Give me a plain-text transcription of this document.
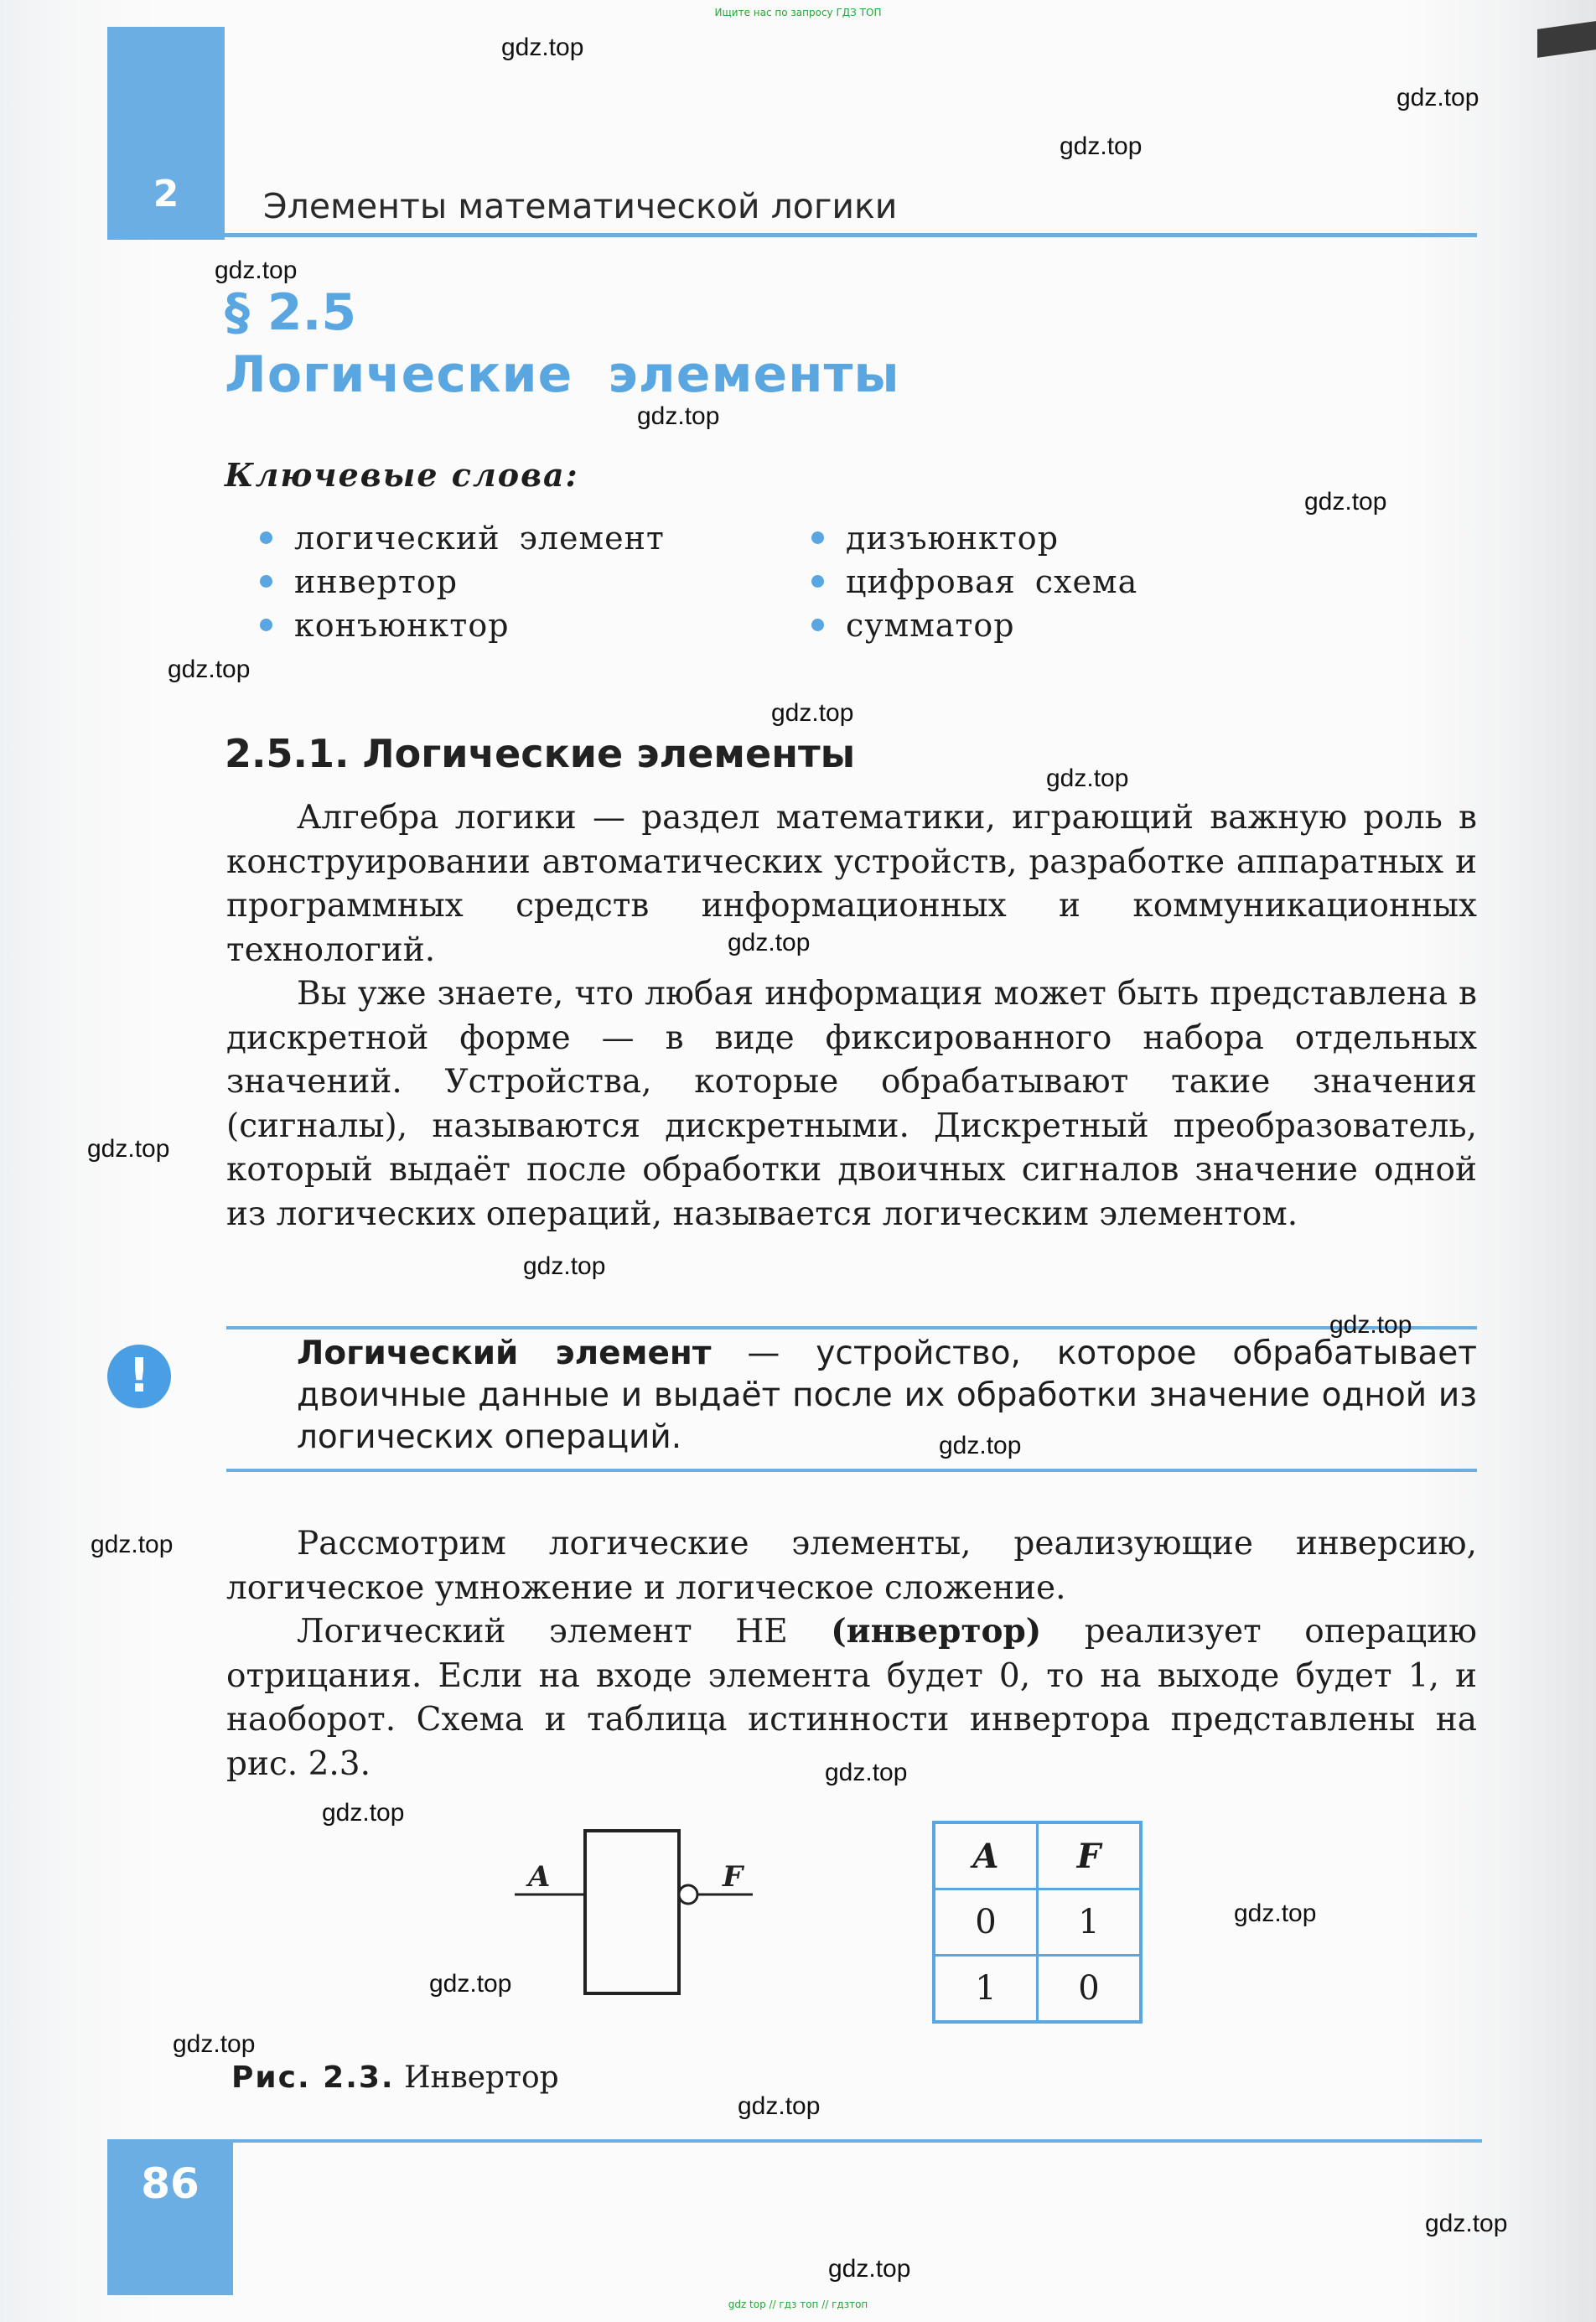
Ищите нас по запросу ГДЗ ТОП
2	Элементы математической логики
§ 2.5
Логические элементы
Ключевые слова:
логический элемент
инвертор
конъюнктор
дизъюнктор
цифровая схема
сумматор
2.5.1. Логические элементы

Алгебра логики — раздел математики, играющий важную роль в конструировании автоматических устройств, разработке аппаратных и программных средств информационных и коммуникационных технологий.

Вы уже знаете, что любая информация может быть представлена в дискретной форме — в виде фиксированного набора отдельных значений. Устройства, которые обрабатывают такие значения (сигналы), называются дискретными. Дискретный преобразователь, который выдаёт после обработки двоичных сигналов значение одной из логических операций, называется логическим элементом.

!	Логический элемент — устройство, которое обрабатывает двоичные данные и выдаёт после их обработки значение одной из логических операций.

Рассмотрим логические элементы, реализующие инверсию, логическое умножение и логическое сложение.

Логический элемент НЕ (инвертор) реализует операцию отрицания. Если на входе элемента будет 0, то на выходе будет 1, и наоборот. Схема и таблица истинности инвертора представлены на рис. 2.3.

A	F
A	F
0	1
1	0
Рис. 2.3. Инвертор
86
gdz top // гдз топ // гдзтоп
gdz.top
gdz.top
gdz.top
gdz.top
gdz.top
gdz.top
gdz.top
gdz.top
gdz.top
gdz.top
gdz.top
gdz.top
gdz.top
gdz.top
gdz.top
gdz.top
gdz.top
gdz.top
gdz.top
gdz.top
gdz.top
gdz.top
gdz.top
